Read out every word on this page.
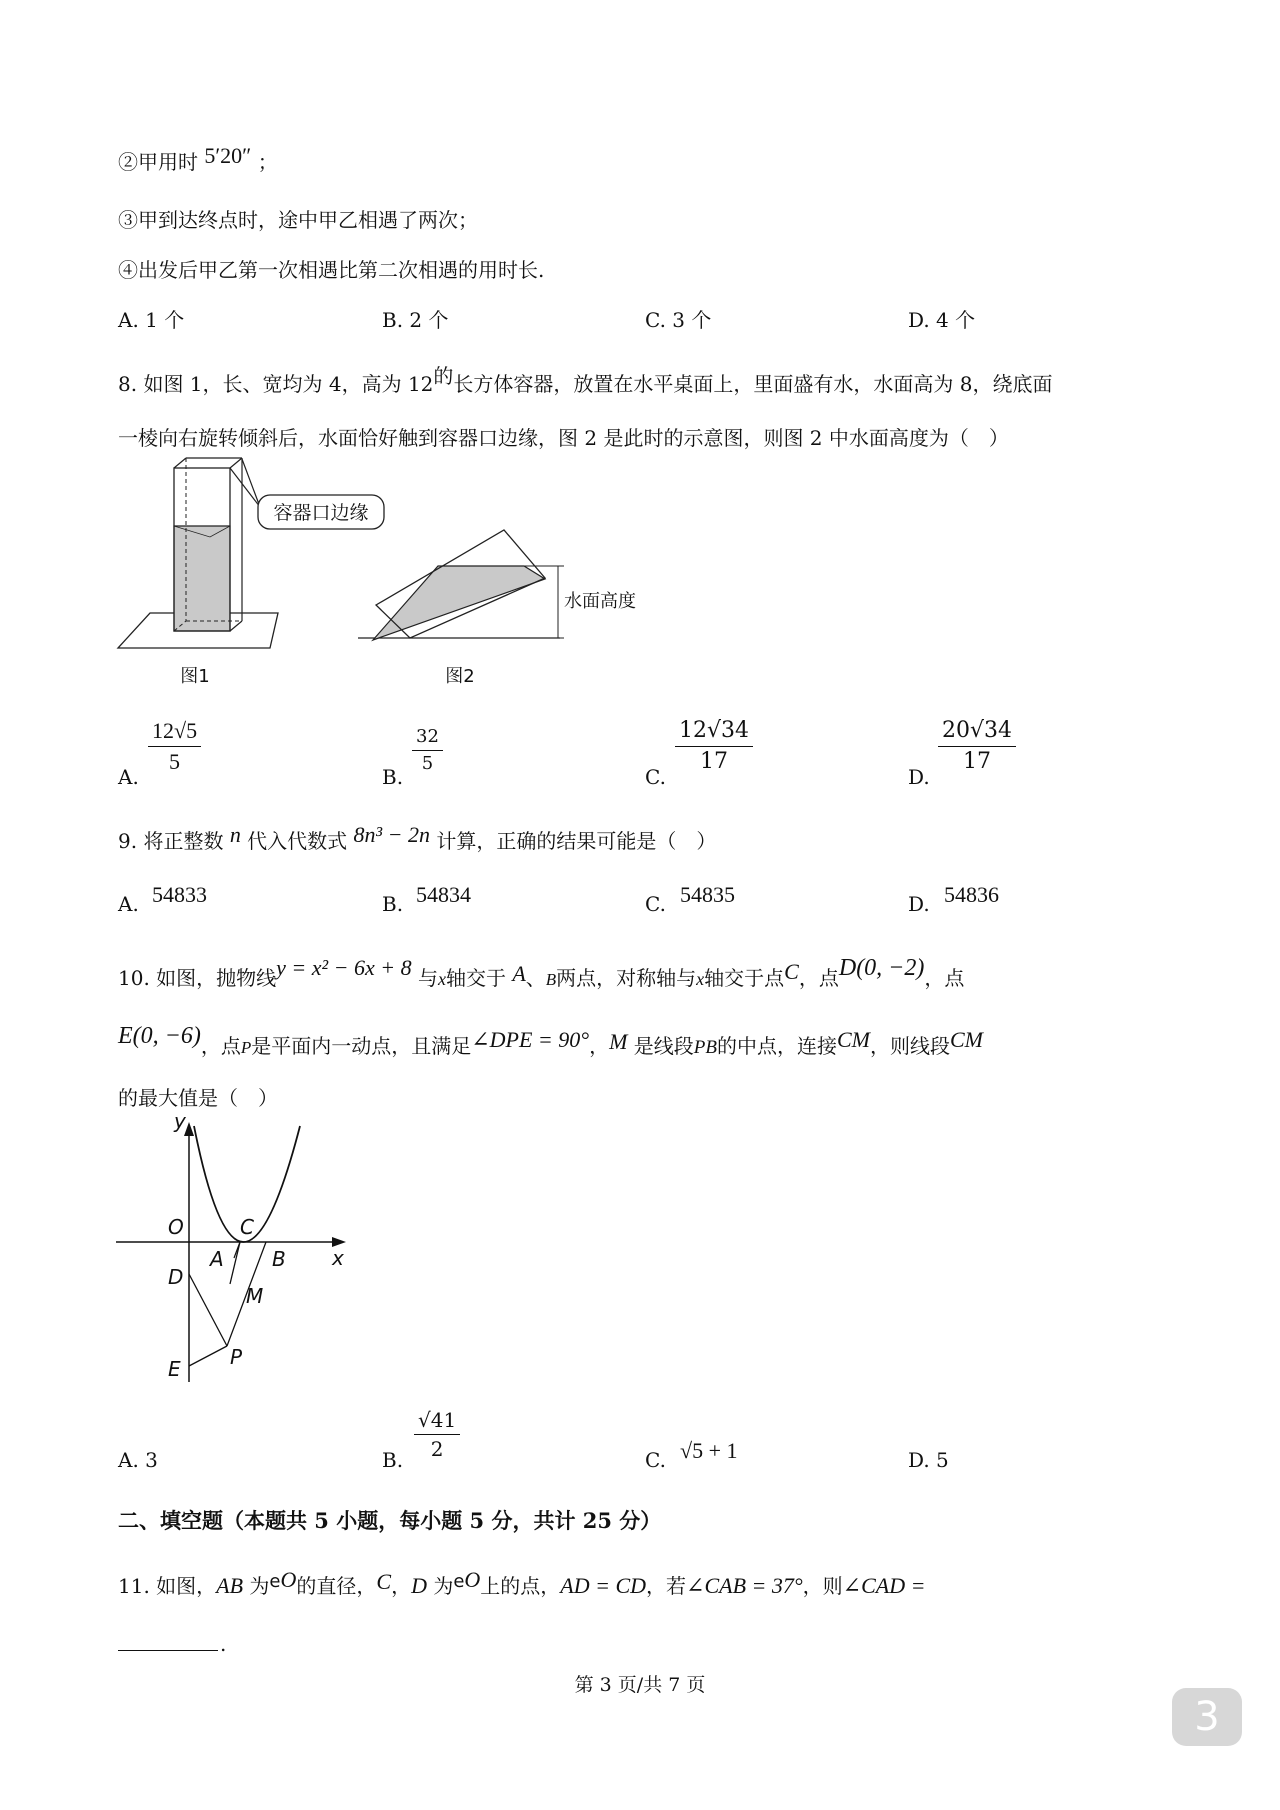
②甲用时 5′20″ ；
③甲到达终点时，途中甲乙相遇了两次；
④出发后甲乙第一次相遇比第二次相遇的用时长.
A. 1 个	B. 2 个	C. 3 个	D. 4 个
8. 如图 1，长、宽均为 4，高为 12的长方体容器，放置在水平桌面上，里面盛有水，水面高为 8，绕底面
一棱向右旋转倾斜后，水面恰好触到容器口边缘，图 2 是此时的示意图，则图 2 中水面高度为（　）
容器口边缘
图1
水面高度
图2
A. $\frac{12√5}{5}$	B. $\frac{32}{5}$	C. $\frac{12√34}{17}$	D. $\frac{20√34}{17}$
9. 将正整数 n 代入代数式 8n³ − 2n 计算，正确的结果可能是（　）
A. 54833	B. 54834	C. 54835	D. 54836
10. 如图，抛物线y = x² − 6x + 8 与x轴交于 A、B两点，对称轴与x轴交于点C，点D(0, −2)，点
E(0, −6)，点P是平面内一动点，且满足∠DPE = 90°，M 是线段PB的中点，连接CM，则线段CM
的最大值是（　）
y
x
O
A B
C
D
E
M
P
A. 3	B. $\frac{√41}{2}$	C. √5 + 1	D. 5
二、填空题（本题共 5 小题，每小题 5 分，共计 25 分）
11. 如图，AB 为eO的直径，C，D 为eO上的点，AD = CD，若∠CAB = 37°，则∠CAD =
.
第 3 页/共 7 页
3
